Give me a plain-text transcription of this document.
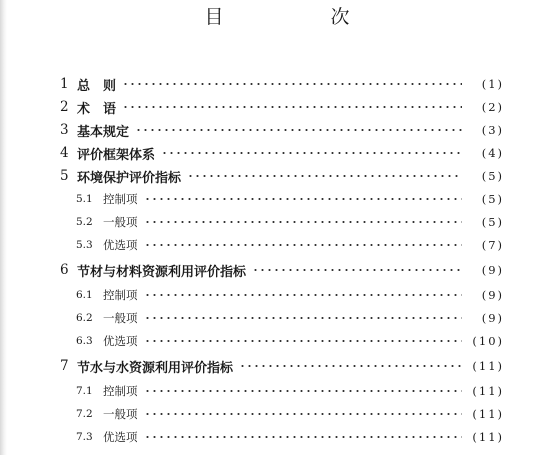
目　次
1 总　则	(1)
2 术　语	(2)
3 基本规定	(3)
4 评价框架体系	(4)
5 环境保护评价指标	(5)
5.1 控制项	(5)
5.2 一般项	(5)
5.3 优选项	(7)
6 节材与材料资源利用评价指标	(9)
6.1 控制项	(9)
6.2 一般项	(9)
6.3 优选项	(10)
7 节水与水资源利用评价指标	(11)
7.1 控制项	(11)
7.2 一般项	(11)
7.3 优选项	(11)
